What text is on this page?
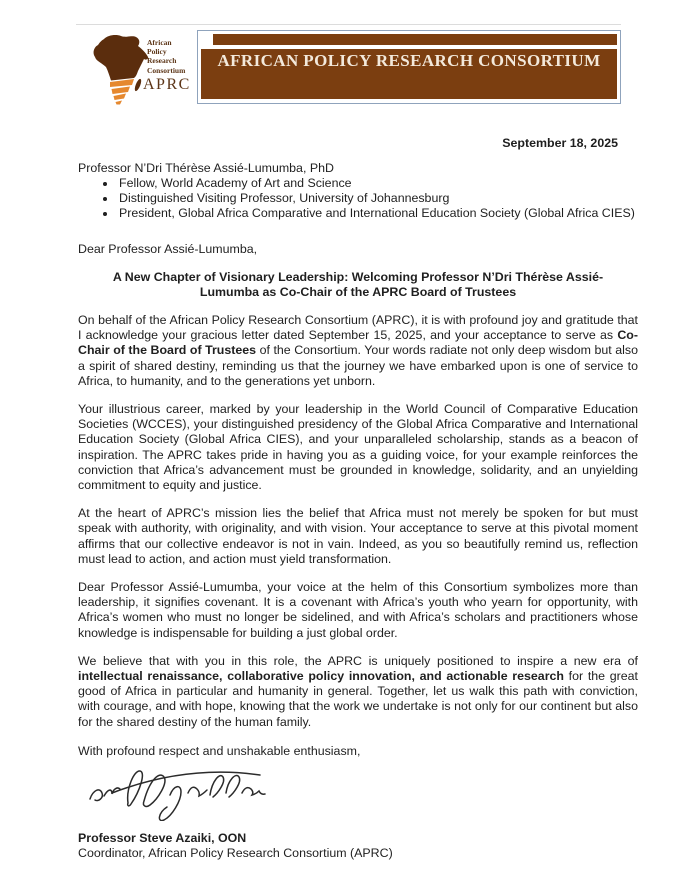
African
Policy
Research
Consortium
APRC
AFRICAN POLICY RESEARCH CONSORTIUM
September 18, 2025
Professor N’Dri Thérèse Assié-Lumumba, PhD
• Fellow, World Academy of Art and Science
• Distinguished Visiting Professor, University of Johannesburg
• President, Global Africa Comparative and International Education Society (Global Africa CIES)
Dear Professor Assié-Lumumba,
A New Chapter of Visionary Leadership: Welcoming Professor N’Dri Thérèse Assié-
Lumumba as Co-Chair of the APRC Board of Trustees

On behalf of the African Policy Research Consortium (APRC), it is with profound joy and gratitude that I acknowledge your gracious letter dated September 15, 2025, and your acceptance to serve as Co-Chair of the Board of Trustees of the Consortium. Your words radiate not only deep wisdom but also a spirit of shared destiny, reminding us that the journey we have embarked upon is one of service to Africa, to humanity, and to the generations yet unborn.

Your illustrious career, marked by your leadership in the World Council of Comparative Education Societies (WCCES), your distinguished presidency of the Global Africa Comparative and International Education Society (Global Africa CIES), and your unparalleled scholarship, stands as a beacon of inspiration. The APRC takes pride in having you as a guiding voice, for your example reinforces the conviction that Africa’s advancement must be grounded in knowledge, solidarity, and an unyielding commitment to equity and justice.

At the heart of APRC’s mission lies the belief that Africa must not merely be spoken for but must speak with authority, with originality, and with vision. Your acceptance to serve at this pivotal moment affirms that our collective endeavor is not in vain. Indeed, as you so beautifully remind us, reflection must lead to action, and action must yield transformation.

Dear Professor Assié-Lumumba, your voice at the helm of this Consortium symbolizes more than leadership, it signifies covenant. It is a covenant with Africa’s youth who yearn for opportunity, with Africa’s women who must no longer be sidelined, and with Africa’s scholars and practitioners whose knowledge is indispensable for building a just global order.

We believe that with you in this role, the APRC is uniquely positioned to inspire a new era of intellectual renaissance, collaborative policy innovation, and actionable research for the great good of Africa in particular and humanity in general. Together, let us walk this path with conviction, with courage, and with hope, knowing that the work we undertake is not only for our continent but also for the shared destiny of the human family.

With profound respect and unshakable enthusiasm,
Professor Steve Azaiki, OON
Coordinator, African Policy Research Consortium (APRC)
